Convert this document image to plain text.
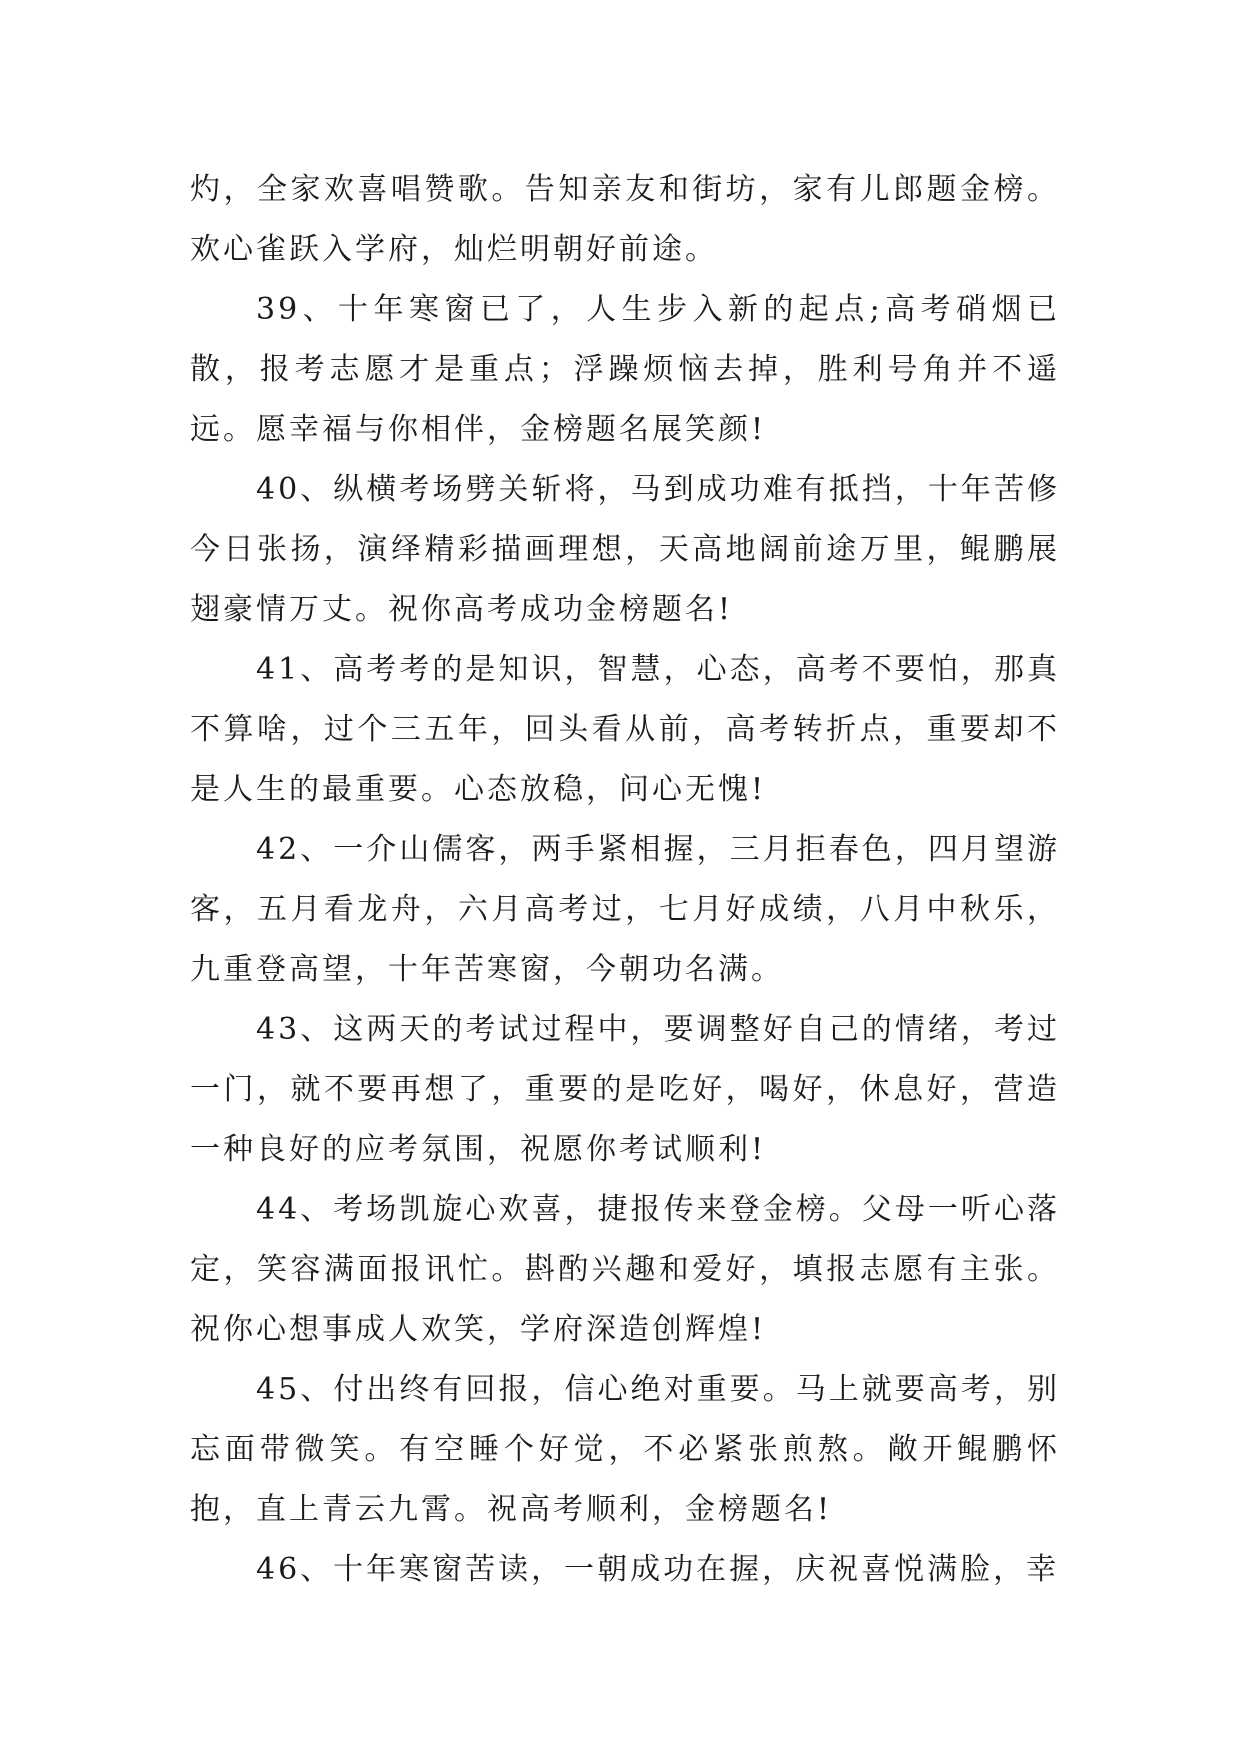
灼，全家欢喜唱赞歌。告知亲友和街坊，家有儿郎题金榜。欢心雀跃入学府，灿烂明朝好前途。

39、十年寒窗已了，人生步入新的起点;高考硝烟已散，报考志愿才是重点；浮躁烦恼去掉，胜利号角并不遥远。愿幸福与你相伴，金榜题名展笑颜!

40、纵横考场劈关斩将，马到成功难有抵挡，十年苦修今日张扬，演绎精彩描画理想，天高地阔前途万里，鲲鹏展翅豪情万丈。祝你高考成功金榜题名!

41、高考考的是知识，智慧，心态，高考不要怕，那真不算啥，过个三五年，回头看从前，高考转折点，重要却不是人生的最重要。心态放稳，问心无愧!

42、一介山儒客，两手紧相握，三月拒春色，四月望游客，五月看龙舟，六月高考过，七月好成绩，八月中秋乐，九重登高望，十年苦寒窗，今朝功名满。

43、这两天的考试过程中，要调整好自己的情绪，考过一门，就不要再想了，重要的是吃好，喝好，休息好，营造一种良好的应考氛围，祝愿你考试顺利!

44、考场凯旋心欢喜，捷报传来登金榜。父母一听心落定，笑容满面报讯忙。斟酌兴趣和爱好，填报志愿有主张。祝你心想事成人欢笑，学府深造创辉煌!

45、付出终有回报，信心绝对重要。马上就要高考，别忘面带微笑。有空睡个好觉，不必紧张煎熬。敞开鲲鹏怀抱，直上青云九霄。祝高考顺利，金榜题名!

46、十年寒窗苦读，一朝成功在握，庆祝喜悦满脸，幸
